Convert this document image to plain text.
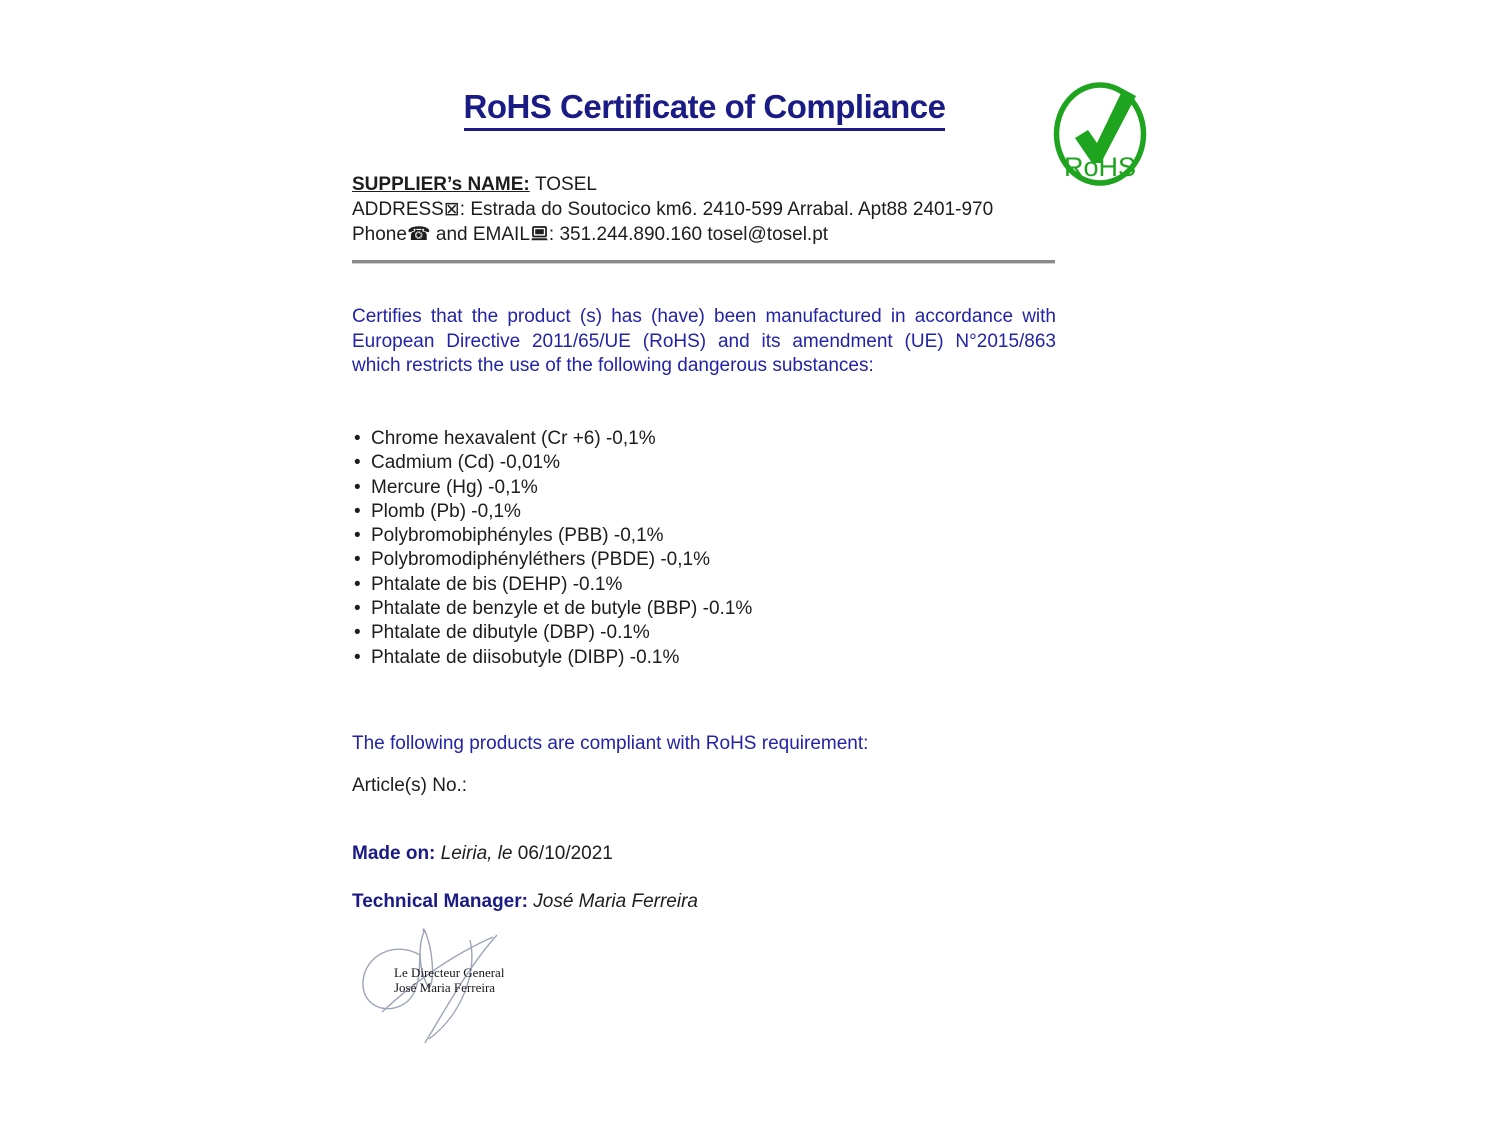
RoHS Certificate of Compliance
RoHS

SUPPLIER’s NAME: TOSEL

ADDRESS⊠: Estrada do Soutocico km6. 2410-599 Arrabal. Apt88 2401-970

Phone☎ and EMAIL : 351.244.890.160 tosel@tosel.pt

Certifies that the product (s) has (have) been manufactured in accordance with European Directive 2011/65/UE (RoHS) and its amendment (UE) N°2015/863 which restricts the use of the following dangerous substances:

• Chrome hexavalent (Cr +6) -0,1%
• Cadmium (Cd) -0,01%
• Mercure (Hg) -0,1%
• Plomb (Pb) -0,1%
• Polybromobiphényles (PBB) -0,1%
• Polybromodiphényléthers (PBDE) -0,1%
• Phtalate de bis (DEHP) -0.1%
• Phtalate de benzyle et de butyle (BBP) -0.1%
• Phtalate de dibutyle (DBP) -0.1%
• Phtalate de diisobutyle (DIBP) -0.1%

The following products are compliant with RoHS requirement:

Article(s) No.:

Made on: Leiria, le 06/10/2021

Technical Manager: José Maria Ferreira

Le Directeur General
José Maria Ferreira
